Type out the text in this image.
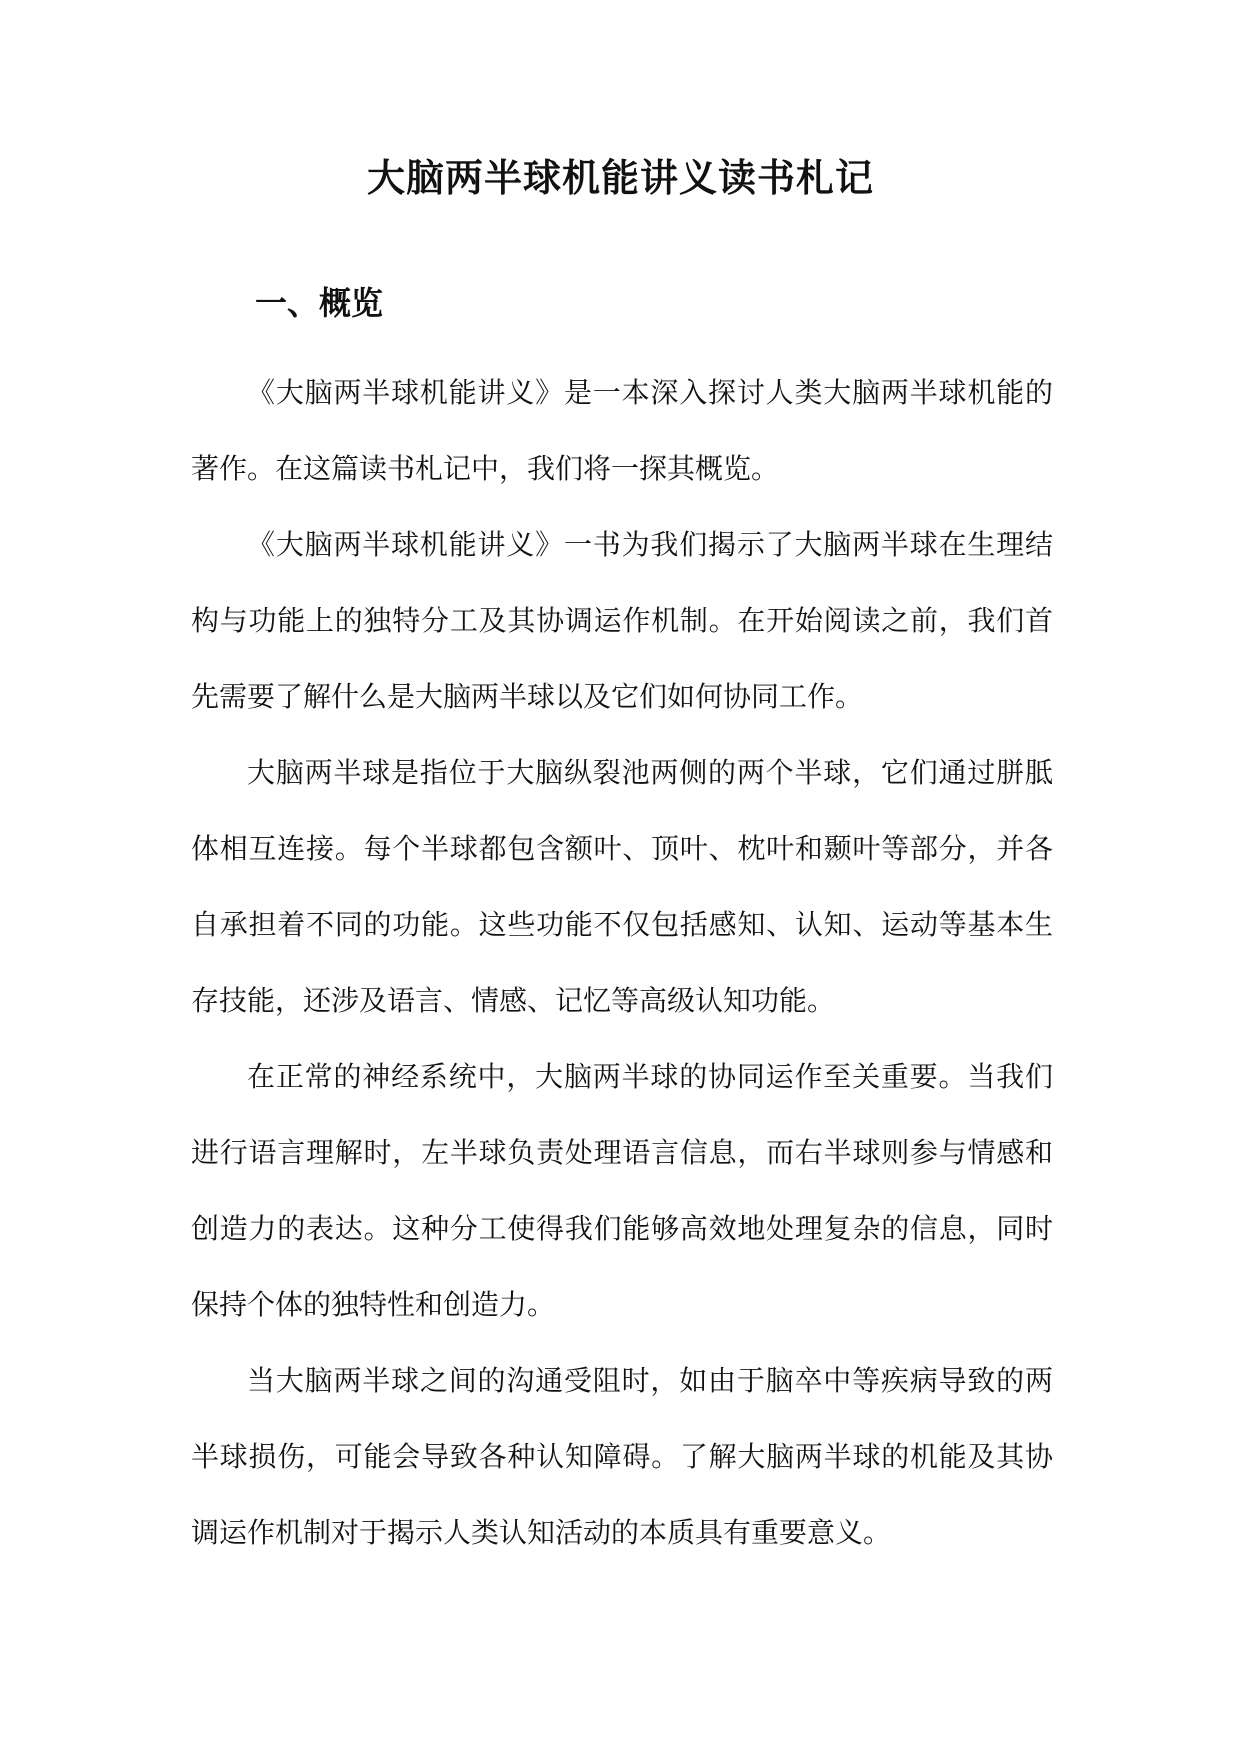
大脑两半球机能讲义读书札记
一、概览

《大脑两半球机能讲义》是一本深入探讨人类大脑两半球机能的著作。在这篇读书札记中，我们将一探其概览。

《大脑两半球机能讲义》一书为我们揭示了大脑两半球在生理结构与功能上的独特分工及其协调运作机制。在开始阅读之前，我们首先需要了解什么是大脑两半球以及它们如何协同工作。

大脑两半球是指位于大脑纵裂池两侧的两个半球，它们通过胼胝体相互连接。每个半球都包含额叶、顶叶、枕叶和颞叶等部分，并各自承担着不同的功能。这些功能不仅包括感知、认知、运动等基本生存技能，还涉及语言、情感、记忆等高级认知功能。

在正常的神经系统中，大脑两半球的协同运作至关重要。当我们进行语言理解时，左半球负责处理语言信息，而右半球则参与情感和创造力的表达。这种分工使得我们能够高效地处理复杂的信息，同时保持个体的独特性和创造力。

当大脑两半球之间的沟通受阻时，如由于脑卒中等疾病导致的两半球损伤，可能会导致各种认知障碍。了解大脑两半球的机能及其协调运作机制对于揭示人类认知活动的本质具有重要意义。
